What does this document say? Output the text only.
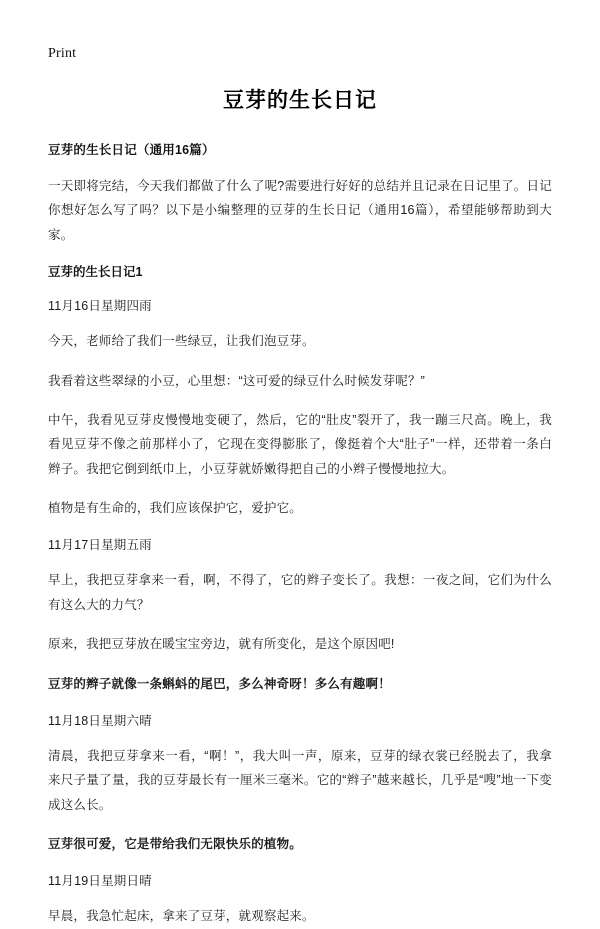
Print
豆芽的生长日记
豆芽的生长日记（通用16篇）

一天即将完结，今天我们都做了什么了呢?需要进行好好的总结并且记录在日记里了。日记你想好怎么写了吗？以下是小编整理的豆芽的生长日记（通用16篇），希望能够帮助到大家。

豆芽的生长日记1
11月16日星期四雨

今天，老师给了我们一些绿豆，让我们泡豆芽。

我看着这些翠绿的小豆，心里想：“这可爱的绿豆什么时候发芽呢？”

中午，我看见豆芽皮慢慢地变硬了，然后，它的“肚皮”裂开了，我一蹦三尺高。晚上，我看见豆芽不像之前那样小了，它现在变得膨胀了，像挺着个大“肚子”一样，还带着一条白辫子。我把它倒到纸巾上，小豆芽就娇嫩得把自己的小辫子慢慢地拉大。

植物是有生命的，我们应该保护它，爱护它。

11月17日星期五雨

早上，我把豆芽拿来一看，啊，不得了，它的辫子变长了。我想：一夜之间，它们为什么有这么大的力气？

原来，我把豆芽放在暖宝宝旁边，就有所变化，是这个原因吧!

豆芽的辫子就像一条蝌蚪的尾巴，多么神奇呀！多么有趣啊！

11月18日星期六晴

清晨，我把豆芽拿来一看，“啊！”，我大叫一声，原来，豆芽的绿衣裳已经脱去了，我拿来尺子量了量，我的豆芽最长有一厘米三毫米。它的“辫子”越来越长，几乎是“嗖”地一下变成这么长。

豆芽很可爱，它是带给我们无限快乐的植物。

11月19日星期日晴

早晨，我急忙起床，拿来了豆芽，就观察起来。
